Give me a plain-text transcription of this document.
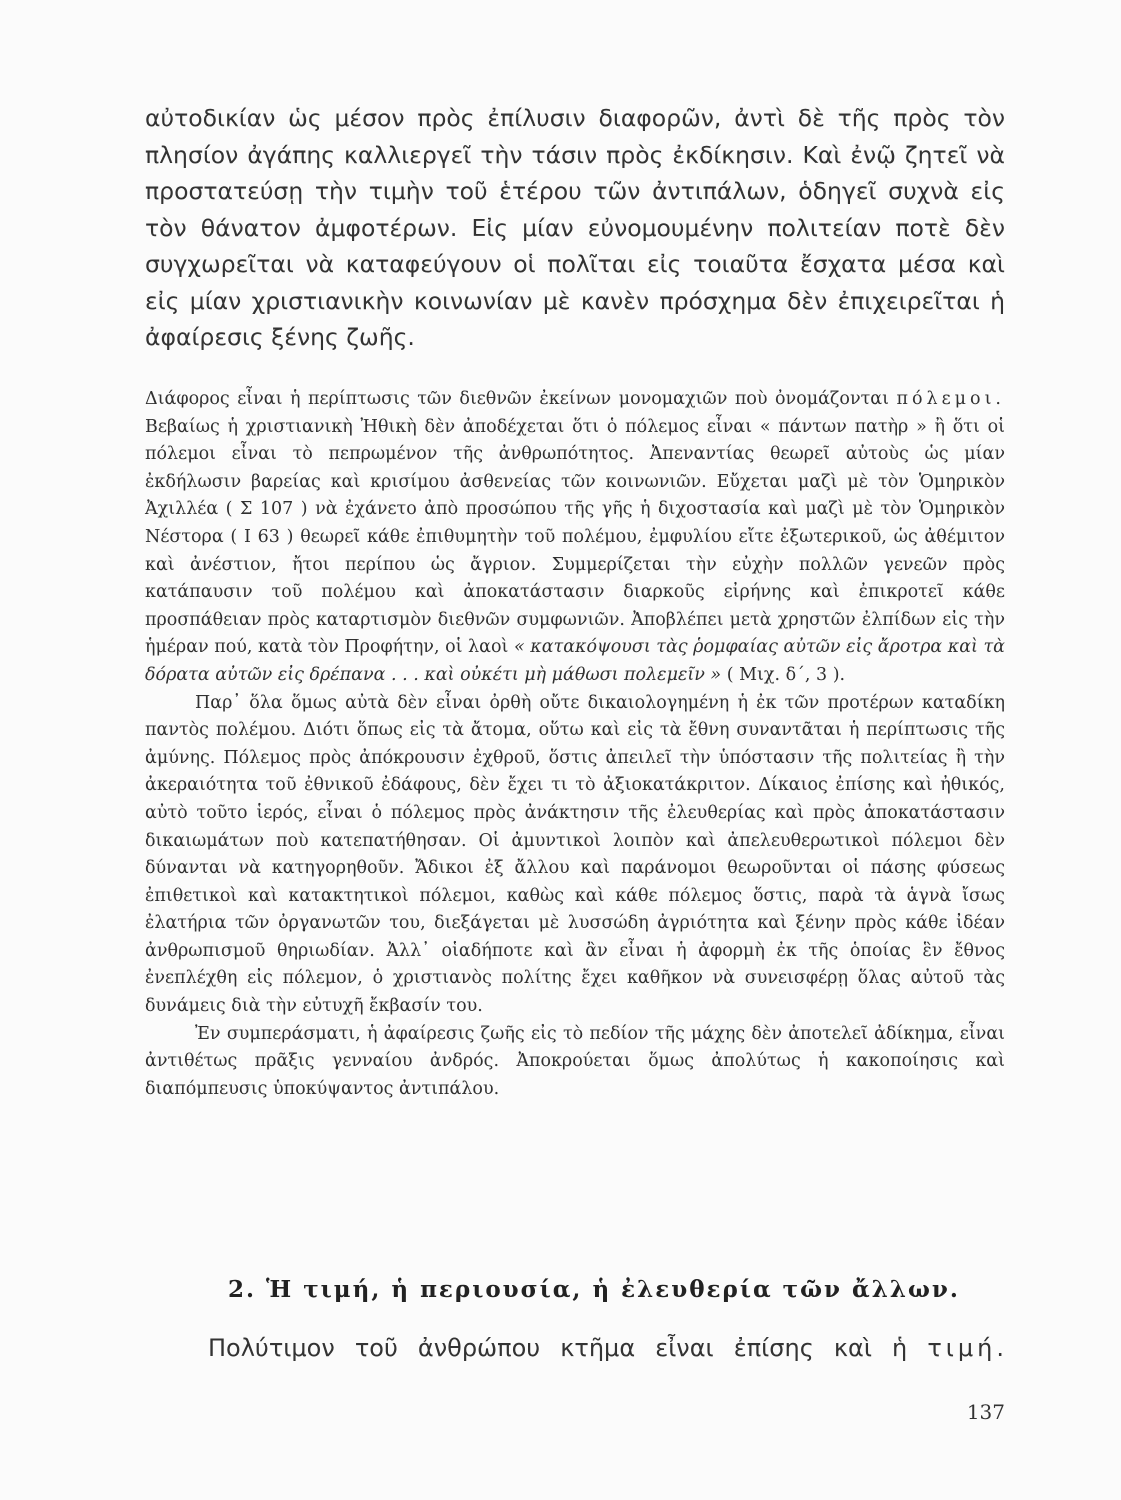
αὐτοδικίαν ὡς μέσον πρὸς ἐπίλυσιν διαφορῶν, ἀντὶ δὲ τῆς πρὸς τὸν πλησίον ἀγάπης καλλιεργεῖ τὴν τάσιν πρὸς ἐκδίκησιν. Καὶ ἐνῷ ζητεῖ νὰ προστατεύσῃ τὴν τιμὴν τοῦ ἑτέρου τῶν ἀντιπάλων, ὁδηγεῖ συχνὰ εἰς τὸν θάνατον ἀμφοτέρων. Εἰς μίαν εὐνομουμένην πολιτείαν ποτὲ δὲν συγχωρεῖται νὰ καταφεύγουν οἱ πολῖται εἰς τοιαῦτα ἔσχατα μέσα καὶ εἰς μίαν χριστιανικὴν κοινωνίαν μὲ κανὲν πρόσχημα δὲν ἐπιχειρεῖται ἡ ἀφαίρεσις ξένης ζωῆς.

Διάφορος εἶναι ἡ περίπτωσις τῶν διεθνῶν ἐκείνων μονομαχιῶν ποὺ ὀνομάζονται πόλεμοι. Βεβαίως ἡ χριστιανικὴ Ἠθικὴ δὲν ἀποδέχεται ὅτι ὁ πόλεμος εἶναι « πάντων πατὴρ » ἢ ὅτι οἱ πόλεμοι εἶναι τὸ πεπρωμένον τῆς ἀνθρωπότητος. Ἀπεναντίας θεωρεῖ αὐτοὺς ὡς μίαν ἐκδήλωσιν βαρείας καὶ κρισίμου ἀσθενείας τῶν κοινωνιῶν. Εὔχεται μαζὶ μὲ τὸν Ὁμηρικὸν Ἀχιλλέα ( Σ 107 ) νὰ ἐχάνετο ἀπὸ προσώπου τῆς γῆς ἡ διχοστασία καὶ μαζὶ μὲ τὸν Ὁμηρικὸν Νέστορα ( Ι 63 ) θεωρεῖ κάθε ἐπιθυμητὴν τοῦ πολέμου, ἐμφυλίου εἴτε ἐξωτερικοῦ, ὡς ἀθέμιτον καὶ ἀνέστιον, ἤτοι περίπου ὡς ἄγριον. Συμμερίζεται τὴν εὐχὴν πολλῶν γενεῶν πρὸς κατάπαυσιν τοῦ πολέμου καὶ ἀποκατάστασιν διαρκοῦς εἰρήνης καὶ ἐπικροτεῖ κάθε προσπάθειαν πρὸς καταρτισμὸν διεθνῶν συμφωνιῶν. Ἀποβλέπει μετὰ χρηστῶν ἐλπίδων εἰς τὴν ἡμέραν πού, κατὰ τὸν Προφήτην, οἱ λαοὶ « κατακόψουσι τὰς ῥομφαίας αὐτῶν εἰς ἄροτρα καὶ τὰ δόρατα αὐτῶν εἰς δρέπανα . . . καὶ οὐκέτι μὴ μάθωσι πολεμεῖν » ( Μιχ. δ΄, 3 ).

Παρ᾽ ὅλα ὅμως αὐτὰ δὲν εἶναι ὀρθὴ οὔτε δικαιολογημένη ἡ ἐκ τῶν προτέρων καταδίκη παντὸς πολέμου. Διότι ὅπως εἰς τὰ ἄτομα, οὕτω καὶ εἰς τὰ ἔθνη συναντᾶται ἡ περίπτωσις τῆς ἀμύνης. Πόλεμος πρὸς ἀπόκρουσιν ἐχθροῦ, ὅστις ἀπειλεῖ τὴν ὑπόστασιν τῆς πολιτείας ἢ τὴν ἀκεραιότητα τοῦ ἐθνικοῦ ἐδάφους, δὲν ἔχει τι τὸ ἀξιοκατάκριτον. Δίκαιος ἐπίσης καὶ ἠθικός, αὐτὸ τοῦτο ἱερός, εἶναι ὁ πόλεμος πρὸς ἀνάκτησιν τῆς ἐλευθερίας καὶ πρὸς ἀποκατάστασιν δικαιωμάτων ποὺ κατεπατήθησαν. Οἱ ἀμυντικοὶ λοιπὸν καὶ ἀπελευθερωτικοὶ πόλεμοι δὲν δύνανται νὰ κατηγορηθοῦν. Ἄδικοι ἐξ ἄλλου καὶ παράνομοι θεωροῦνται οἱ πάσης φύσεως ἐπιθετικοὶ καὶ κατακτητικοὶ πόλεμοι, καθὼς καὶ κάθε πόλεμος ὅστις, παρὰ τὰ ἁγνὰ ἴσως ἐλατήρια τῶν ὀργανωτῶν του, διεξάγεται μὲ λυσσώδη ἀγριότητα καὶ ξένην πρὸς κάθε ἰδέαν ἀνθρωπισμοῦ θηριωδίαν. Ἀλλ᾽ οἱαδήποτε καὶ ἂν εἶναι ἡ ἀφορμὴ ἐκ τῆς ὁποίας ἓν ἔθνος ἐνεπλέχθη εἰς πόλεμον, ὁ χριστιανὸς πολίτης ἔχει καθῆκον νὰ συνεισφέρῃ ὅλας αὐτοῦ τὰς δυνάμεις διὰ τὴν εὐτυχῆ ἔκβασίν του.

Ἐν συμπεράσματι, ἡ ἀφαίρεσις ζωῆς εἰς τὸ πεδίον τῆς μάχης δὲν ἀποτελεῖ ἀδίκημα, εἶναι ἀντιθέτως πρᾶξις γενναίου ἀνδρός. Ἀποκρούεται ὅμως ἀπολύτως ἡ κακοποίησις καὶ διαπόμπευσις ὑποκύψαντος ἀντιπάλου.

2. Ἡ τιμή, ἡ περιουσία, ἡ ἐλευθερία τῶν ἄλλων.
Πολύτιμον τοῦ ἀνθρώπου κτῆμα εἶναι ἐπίσης καὶ ἡ τιμή.
137
